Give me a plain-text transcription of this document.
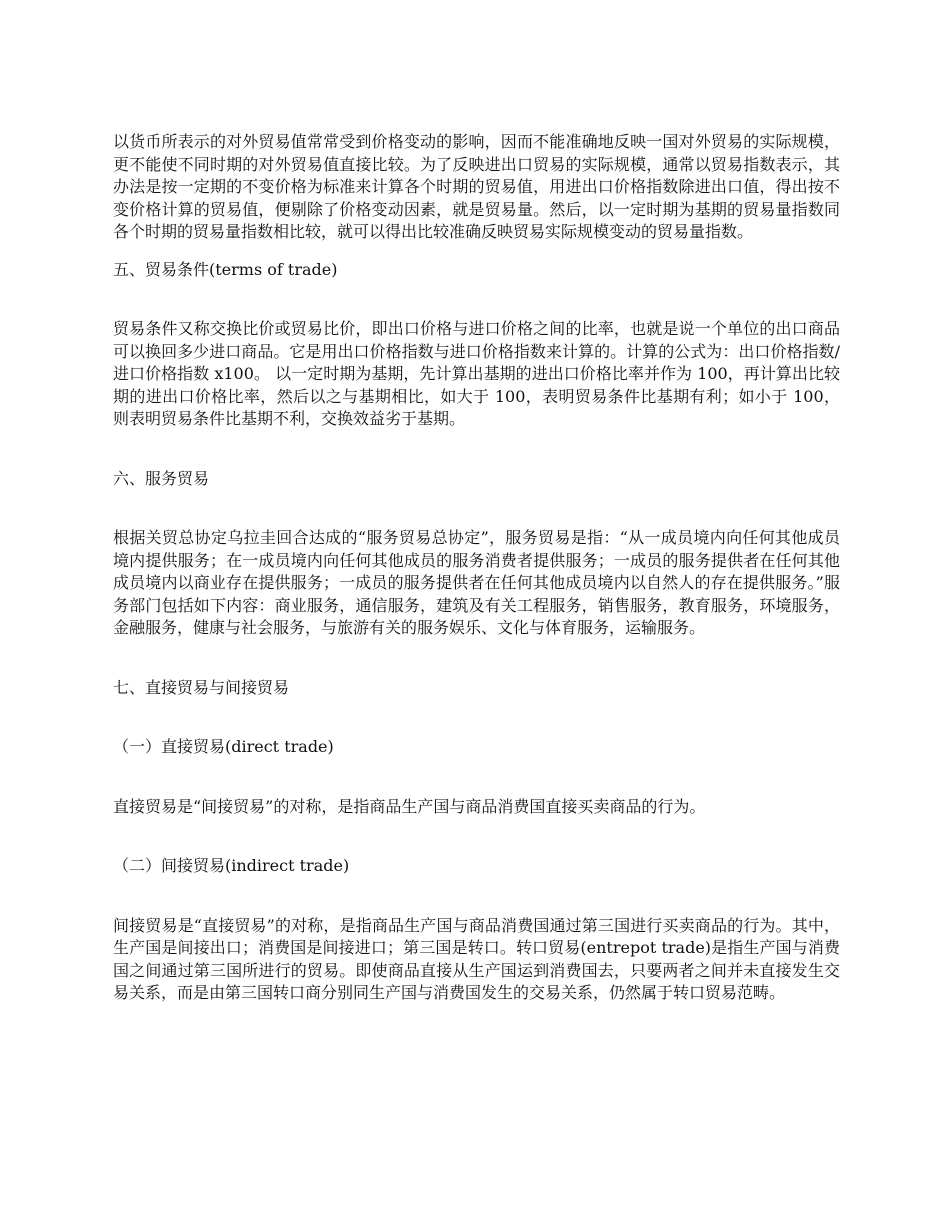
以货币所表示的对外贸易值常常受到价格变动的影响，因而不能准确地反映一国对外贸易的实际规模，更不能使不同时期的对外贸易值直接比较。为了反映进出口贸易的实际规模，通常以贸易指数表示，其办法是按一定期的不变价格为标准来计算各个时期的贸易值，用进出口价格指数除进出口值，得出按不变价格计算的贸易值，便剔除了价格变动因素，就是贸易量。然后，以一定时期为基期的贸易量指数同各个时期的贸易量指数相比较，就可以得出比较准确反映贸易实际规模变动的贸易量指数。

五、贸易条件(terms of trade)

贸易条件又称交换比价或贸易比价，即出口价格与进口价格之间的比率，也就是说一个单位的出口商品可以换回多少进口商品。它是用出口价格指数与进口价格指数来计算的。计算的公式为：出口价格指数/进口价格指数 x100。 以一定时期为基期，先计算出基期的进出口价格比率并作为 100，再计算出比较期的进出口价格比率，然后以之与基期相比，如大于 100，表明贸易条件比基期有利；如小于 100，则表明贸易条件比基期不利，交换效益劣于基期。

六、服务贸易

根据关贸总协定乌拉圭回合达成的“服务贸易总协定”，服务贸易是指：“从一成员境内向任何其他成员境内提供服务；在一成员境内向任何其他成员的服务消费者提供服务；一成员的服务提供者在任何其他成员境内以商业存在提供服务；一成员的服务提供者在任何其他成员境内以自然人的存在提供服务。”服务部门包括如下内容：商业服务，通信服务，建筑及有关工程服务，销售服务，教育服务，环境服务，金融服务，健康与社会服务，与旅游有关的服务娱乐、文化与体育服务，运输服务。

七、直接贸易与间接贸易

（一）直接贸易(direct trade)

直接贸易是“间接贸易”的对称，是指商品生产国与商品消费国直接买卖商品的行为。

（二）间接贸易(indirect trade)

间接贸易是“直接贸易”的对称，是指商品生产国与商品消费国通过第三国进行买卖商品的行为。其中，生产国是间接出口；消费国是间接进口；第三国是转口。转口贸易(entrepot trade)是指生产国与消费国之间通过第三国所进行的贸易。即使商品直接从生产国运到消费国去，只要两者之间并未直接发生交易关系，而是由第三国转口商分别同生产国与消费国发生的交易关系，仍然属于转口贸易范畴。
